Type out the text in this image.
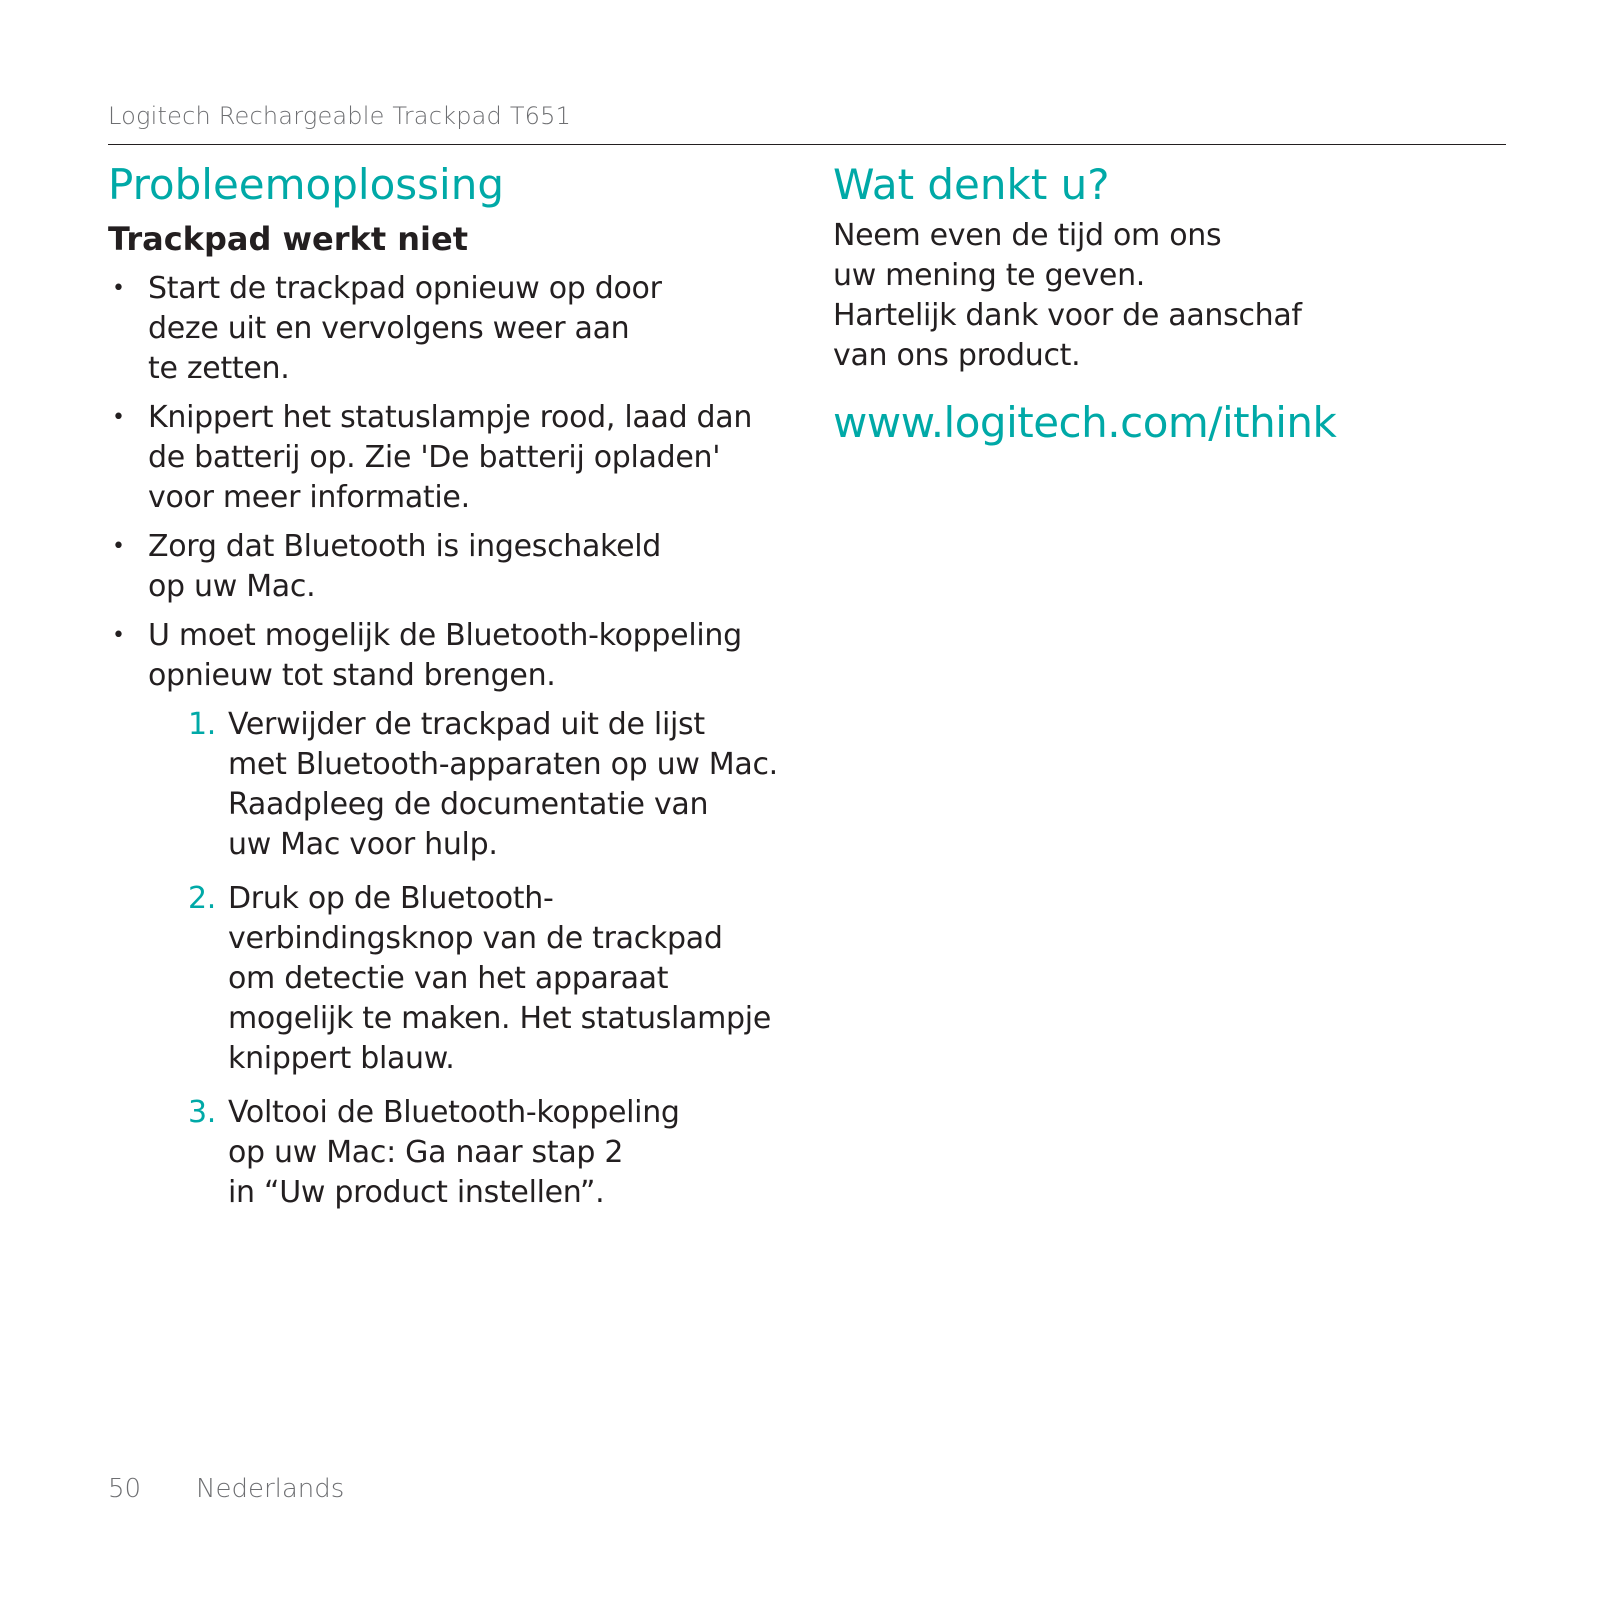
Logitech Rechargeable Trackpad T651
Probleemoplossing
Trackpad werkt niet
• Start de trackpad opnieuw op door
deze uit en vervolgens weer aan
te zetten.
• Knippert het statuslampje rood, laad dan
de batterij op. Zie 'De batterij opladen'
voor meer informatie.
• Zorg dat Bluetooth is ingeschakeld
op uw Mac.
• U moet mogelijk de Bluetooth-koppeling
opnieuw tot stand brengen.
1. Verwijder de trackpad uit de lijst
met Bluetooth-apparaten op uw Mac.
Raadpleeg de documentatie van
uw Mac voor hulp.
2. Druk op de Bluetooth-
verbindingsknop van de trackpad
om detectie van het apparaat
mogelijk te maken. Het statuslampje
knippert blauw.
3. Voltooi de Bluetooth-koppeling
op uw Mac: Ga naar stap 2
in “Uw product instellen”.
Wat denkt u?
Neem even de tijd om ons
uw mening te geven.
Hartelijk dank voor de aanschaf
van ons product.
www.logitech.com/ithink
50 Nederlands
